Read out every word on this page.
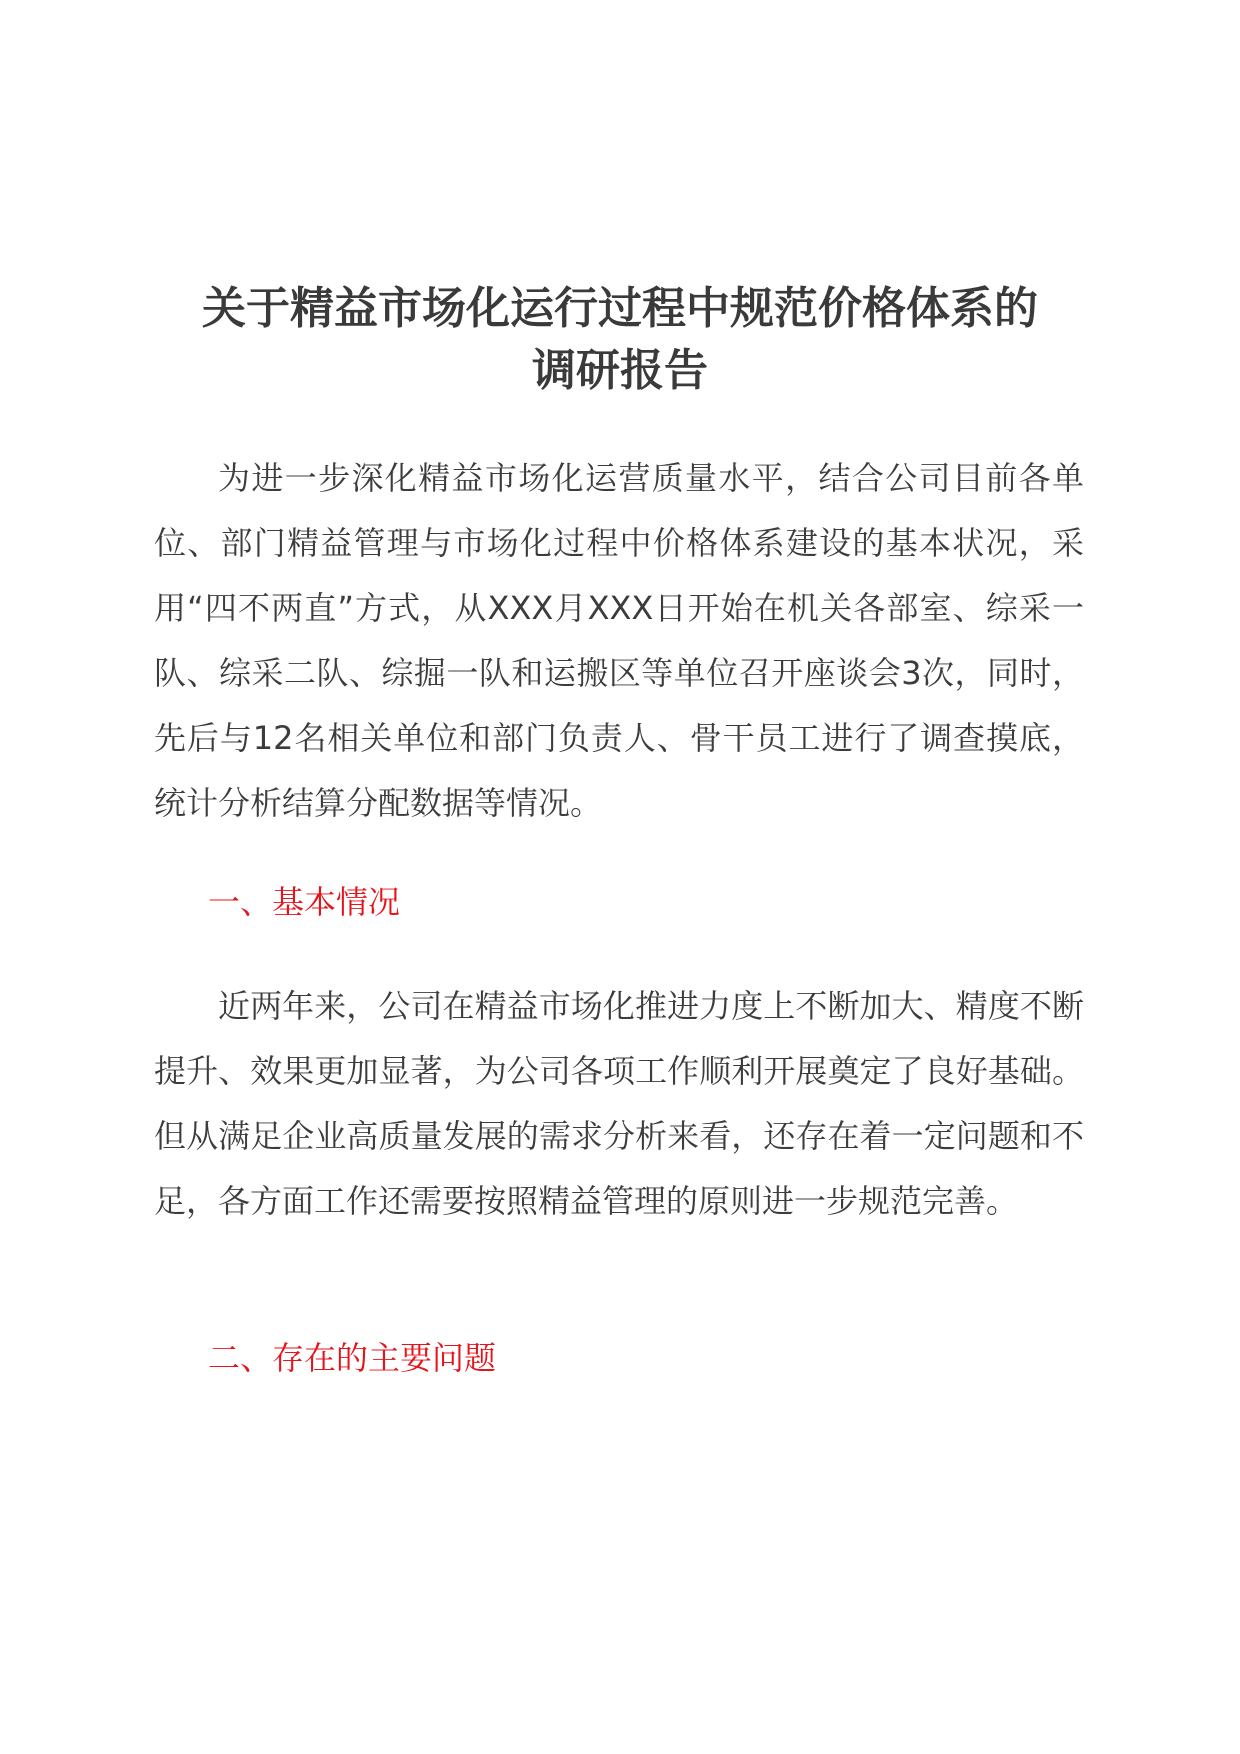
关于精益市场化运行过程中规范价格体系的
调研报告

为进一步深化精益市场化运营质量水平，结合公司目前各单位、部门精益管理与市场化过程中价格体系建设的基本状况，采用“四不两直”方式，从XXX月XXX日开始在机关各部室、综采一队、综采二队、综掘一队和运搬区等单位召开座谈会3次，同时，先后与12名相关单位和部门负责人、骨干员工进行了调查摸底，统计分析结算分配数据等情况。

一、基本情况

近两年来，公司在精益市场化推进力度上不断加大、精度不断提升、效果更加显著，为公司各项工作顺利开展奠定了良好基础。但从满足企业高质量发展的需求分析来看，还存在着一定问题和不足，各方面工作还需要按照精益管理的原则进一步规范完善。

二、存在的主要问题
